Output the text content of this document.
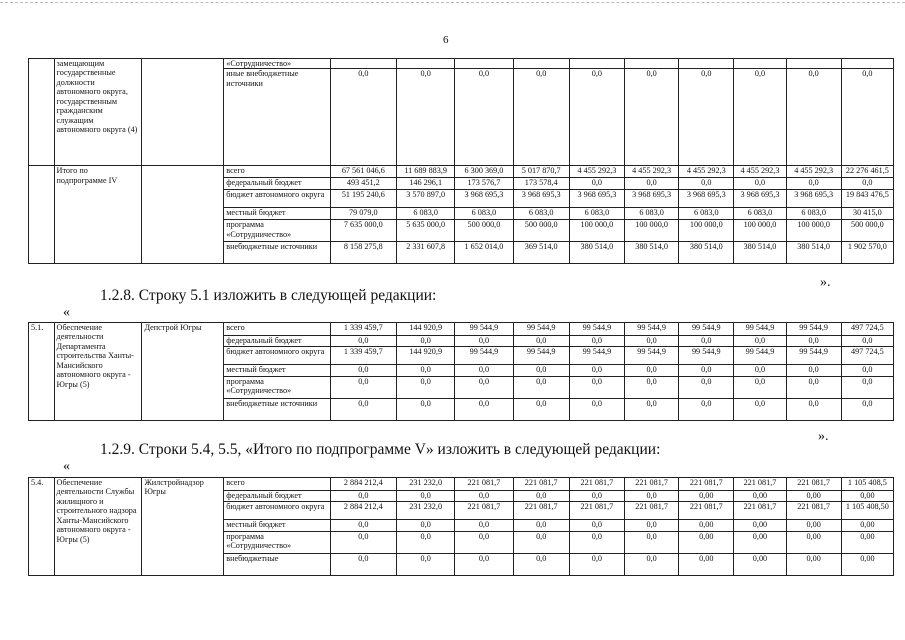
6
	замещающим государственные должности автономного округа, государственным гражданским служащим автономного округа (4)		«Сотрудничество»										
			иные внебюджетные источники	0,0	0,0	0,0	0,0	0,0	0,0	0,0	0,0	0,0	0,0
	Итого по подпрограмме IV		всего	67 561 046,6	11 689 883,9	6 300 369,0	5 017 870,7	4 455 292,3	4 455 292,3	4 455 292,3	4 455 292,3	4 455 292,3	22 276 461,5
			федеральный бюджет	493 451,2	146 296,1	173 576,7	173 578,4	0,0	0,0	0,0	0,0	0,0	0,0
			бюджет автономного округа	51 195 240,6	3 570 897,0	3 968 695,3	3 968 695,3	3 968 695,3	3 968 695,3	3 968 695,3	3 968 695,3	3 968 695,3	19 843 476,5
			местный бюджет	79 079,0	6 083,0	6 083,0	6 083,0	6 083,0	6 083,0	6 083,0	6 083,0	6 083,0	30 415,0
			программа «Сотрудничество»	7 635 000,0	5 635 000,0	500 000,0	500 000,0	100 000,0	100 000,0	100 000,0	100 000,0	100 000,0	500 000,0
			внебюджетные источники	8 158 275,8	2 331 607,8	1 652 014,0	369 514,0	380 514,0	380 514,0	380 514,0	380 514,0	380 514,0	1 902 570,0
».
1.2.8. Строку 5.1 изложить в следующей редакции:
«
5.1.	Обеспечение деятельности Департамента строительства Ханты-Мансийского автономного округа - Югры (5)	Депстрой Югры	всего	1 339 459,7	144 920,9	99 544,9	99 544,9	99 544,9	99 544,9	99 544,9	99 544,9	99 544,9	497 724,5
			федеральный бюджет	0,0	0,0	0,0	0,0	0,0	0,0	0,0	0,0	0,0	0,0
			бюджет автономного округа	1 339 459,7	144 920,9	99 544,9	99 544,9	99 544,9	99 544,9	99 544,9	99 544,9	99 544,9	497 724,5
			местный бюджет	0,0	0,0	0,0	0,0	0,0	0,0	0,0	0,0	0,0	0,0
			программа «Сотрудничество»	0,0	0,0	0,0	0,0	0,0	0,0	0,0	0,0	0,0	0,0
			внебюджетные источники	0,0	0,0	0,0	0,0	0,0	0,0	0,0	0,0	0,0	0,0
».
1.2.9. Строки 5.4, 5.5, «Итого по подпрограмме V» изложить в следующей редакции:
«
5.4.	Обеспечение деятельности Службы жилищного и строительного надзора Ханты-Мансийского автономного округа - Югры (5)	Жилстройнадзор Югры	всего	2 884 212,4	231 232,0	221 081,7	221 081,7	221 081,7	221 081,7	221 081,7	221 081,7	221 081,7	1 105 408,5
			федеральный бюджет	0,0	0,0	0,0	0,0	0,0	0,0	0,00	0,00	0,00	0,00
			бюджет автономного округа	2 884 212,4	231 232,0	221 081,7	221 081,7	221 081,7	221 081,7	221 081,7	221 081,7	221 081,7	1 105 408,50
			местный бюджет	0,0	0,0	0,0	0,0	0,0	0,0	0,00	0,00	0,00	0,00
			программа «Сотрудничество»	0,0	0,0	0,0	0,0	0,0	0,0	0,00	0,00	0,00	0,00
			внебюджетные	0,0	0,0	0,0	0,0	0,0	0,0	0,00	0,00	0,00	0,00
